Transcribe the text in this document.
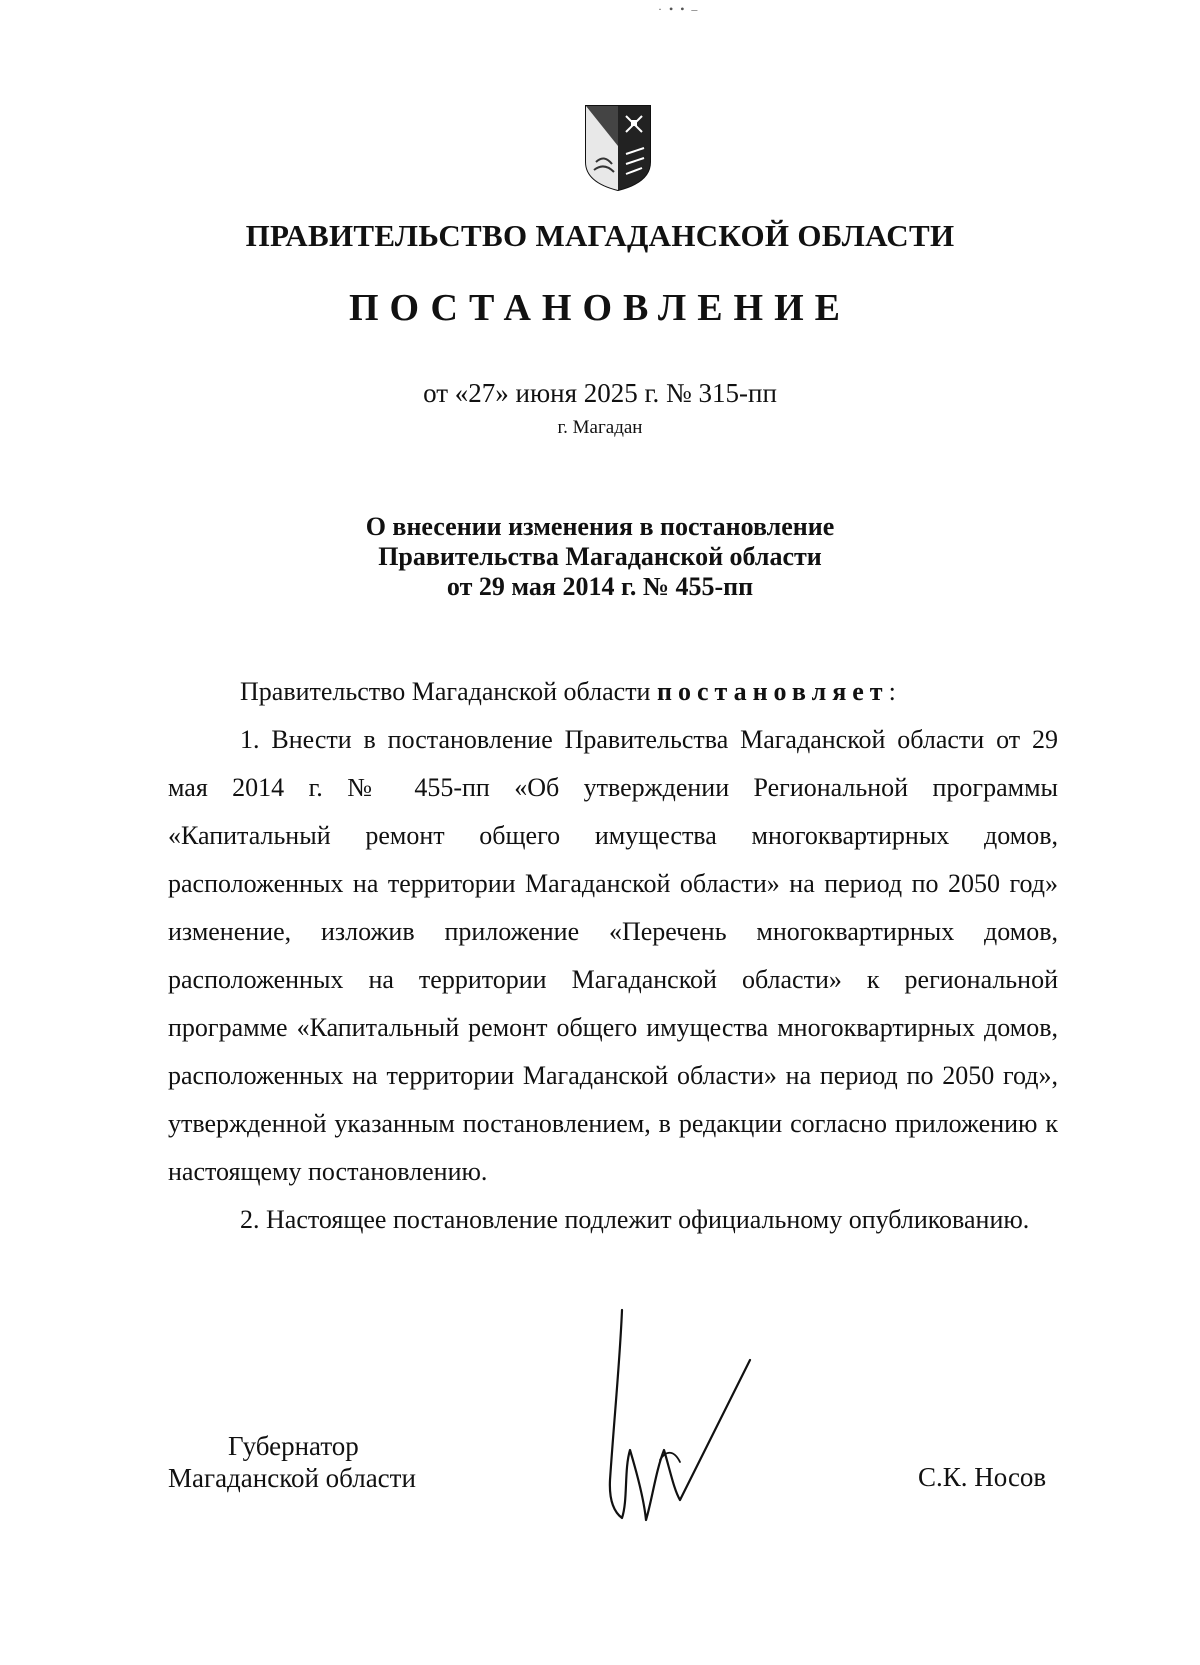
· • • –
ПРАВИТЕЛЬСТВО МАГАДАНСКОЙ ОБЛАСТИ
ПОСТАНОВЛЕНИЕ
от «27» июня 2025 г. № 315-пп
г. Магадан
О внесении изменения в постановление
Правительства Магаданской области
от 29 мая 2014 г. № 455-пп

Правительство Магаданской области постановляет:

1. Внести в постановление Правительства Магаданской области от 29 мая 2014 г. № 455-пп «Об утверждении Региональной программы «Капитальный ремонт общего имущества многоквартирных домов, расположенных на территории Магаданской области» на период по 2050 год» изменение, изложив приложение «Перечень многоквартирных домов, расположенных на территории Магаданской области» к региональной программе «Капитальный ремонт общего имущества многоквартирных домов, расположенных на территории Магаданской области» на период по 2050 год», утвержденной указанным постановлением, в редакции согласно приложению к настоящему постановлению.

2. Настоящее постановление подлежит официальному опубликованию.

Губернатор
Магаданской области	С.К. Носов
